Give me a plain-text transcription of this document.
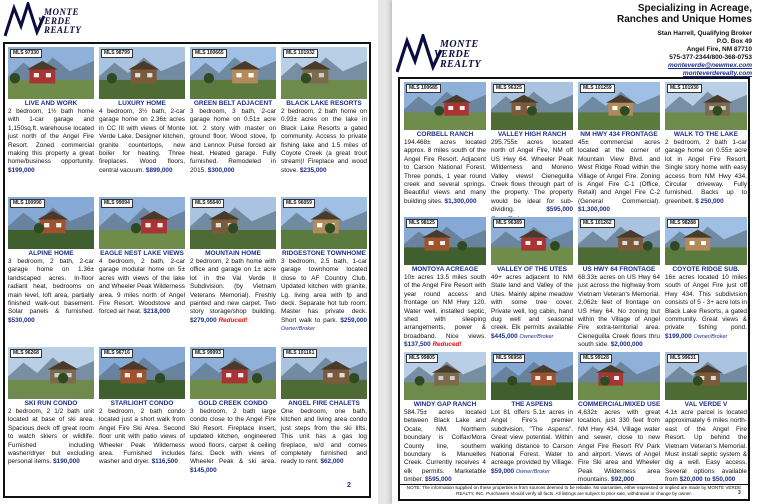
MONTE
VERDE
REALTY
MLS 97330
LIVE AND WORK
2 bedroom, 1½ bath home with 1-car garage and 1,150sq.ft. warehouse located just north of the Angel Fire Resort. Zoned commercial making this property a great home/business opportunity. $199,000
MLS 98799
LUXURY HOME
4 bedroom, 3½ bath, 2-car garage home on 2.36± acres in CC III with views of Monte Verde Lake. Designer kitchen, granite countertops, new boiler for heating. Three fireplaces. Wood floors, central vacuum. $899,000
MLS 100665
GREEN BELT ADJACENT
3 bedroom, 3 bath, 2-car garage home on 0.51± acre lot. 2 story with master on ground floor. Wood stove, fp and Lennox Pulse forced air heat. Heated garage. Fully furnished. Remodeled in 2015. $300,000
MLS 101932
BLACK LAKE RESORTS
2 bedroom, 2 bath home on 0.93± acres on the lake in Black Lake Resorts a gated community. Access to private fishing lake and 1.5 miles of Coyote Creek (a great trout stream)! Fireplace and wood stove. $235,000
MLS 100990
ALPINE HOME
3 bedroom, 2 bath, 2-car garage home on 1.36± landscaped acres. In-floor radiant heat, bedrooms on main level, loft area, partially finished walk-out basement. Solar panels & furnished. $530,000
MLS 99094
EAGLE NEST LAKE VIEWS
4 bedroom, 2 bath, 2-car garage modular home on 5± acres with views of the lake and Wheeler Peak Wilderness area. 9 miles north of Angel Fire Resort. Woodstove and forced air heat. $218,000
MLS 95640
MOUNTAIN HOME
2 bedroom, 2 bath home with office and garage on 1± acre lot in the Val Verde II Subdivision. (by Vietnam Veterans Memorial). Freshly painted and new carpet. Two story storage/shop building. $279,000 Reduced!
MLS 96059
RIDGESTONE TOWNHOME
3 bedroom, 2.5 bath, 1-car garage townhome located close to AF Country Club. Updated kitchen with granite, Lg. living area with fp and deck. Separate hot tub room. Master has private deck. Short walk to park. $259,000 Owner/Broker
MLS 96268
SKI RUN CONDO
2 bedroom, 2 1/2 bath unit located at base of ski area. Spacious deck off great room to watch skiers or wildlife. Furnished including washer/dryer but excluding personal items. $190,000
MLS 96716
STARLIGHT CONDO
2 bedroom, 2 bath condo located just a short walk from Angel Fire Ski Area. Second floor unit with patio views of Wheeler Peak Wilderness area. Furnished includes washer and dryer. $116,500
MLS 99993
GOLD CREEK CONDO
3 bedroom, 2 bath large condo close to the Angel Fire Ski Resort. Fireplace insert, updated kitchen, engineered wood floors, carpet & ceiling fans. Deck with views of Wheeler Peak & ski area. $145,000
MLS 101161
ANGEL FIRE CHALETS
One bedroom, one bath, kitchen and living area condo just steps from the ski lifts. This unit has a gas log fireplace, w/d and comes completely furnished and ready to rent. $62,000
2
Specializing in Acreage,
Ranches and Unique Homes
Stan Harrell, Qualifying Broker
P.O. Box 49
Angel Fire, NM 87710
575-377-2344/800-368-0753
monteverde@newmex.com
monteverderealty.com
MONTE
VERDE
REALTY
NOTE: The information supplied on these properties is from sources deemed to be reliable. No warranties, either expressed or implied are made by MONTE VERDE REALTY, INC. Purchasers should verify all facts. All listings are subject to prior sale, withdrawal or change by owner.
MLS 100685
CORBELL RANCH
194.468± acres located approx. 8 miles south of the Angel Fire Resort. Adjacent to Carson National Forest. Three ponds, 1 year round creek and several springs. Beautiful views and many building sites. $1,300,000
MLS 96325
VALLEY HIGH RANCH
295.755± acres located north of Angel Fire, NM off US Hwy 64. Wheeler Peak Wilderness and Moreno Valley views! Cieneguilla Creek flows through part of the property. The property would be ideal for sub-dividing.	$595,000
MLS 101259
NM HWY 434 FRONTAGE
45± commercial acres located at the corner of Mountain View Blvd. and West Ridge Road within the Village of Angel Fire. Zoning is Angel Fire C-1 (Office, Retail) and Angel Fire C-2 (General Commercial). $1,300,000
MLS 101930
WALK TO THE LAKE
2 bedroom, 2 bath 1-car garage home on 0.55± acre lot in Angel Fire Resort. Single story home with easy access from NM Hwy 434. Circular driveway. Fully furnished. Backs up to greenbelt. $ 250,000
MLS 98125
MONTOYA ACREAGE
10± acres 13.5 miles south of the Angel Fire Resort with year round access and frontage on NM Hwy 120. Water well, installed septic, shed with sleeping arrangements, power & broadband. Nice views. $137,500 Reduced!
MLS 96389
VALLEY OF THE UTES
49+ acres adjacent to NM State land and Valley of the Utes. Mainly alpine meadow with some tree cover. Private well, log cabin, hand dug well and seasonal creek. Elk permits available $445,000 Owner/Broker
MLS 101262
US HWY 64 FRONTAGE
68.33± acres on US Hwy 64 just across the highway from Vietnam Veteran's Memorial. 2,062± feet of frontage on US Hwy 64. No zoning but within the Village of Angel Fire extra-territorial area. Cieneguilla Creek flows thru south side. $2,000,000
MLS 98288
COYOTE RIDGE SUB.
16± acres located 10 miles south of Angel Fire just off Hwy 434. This subdivision consists of 5 - 3+ acre lots in Black Lake Resorts, a gated community. Great views & private fishing pond. $199,000 Owner/Broker
MLS 99805
WINDY GAP RANCH
584.75± acres located between Black Lake and Ocate, NM. Northern boundary is Colfax/Mora County line, southern boundary is Manuelles Creek. Currently receives 4 elk permits. Marketable timber. $595,000
MLS 96958
THE ASPENS
Lot 81 offers 5.1± acres in Angel Fire's premier subdivision, "The Aspens". Great view potential. Within walking distance to Carson National Forest. Water to acreage provided by Village. $59,000 Owner/Broker
MLS 99128
COMMERCIAL/MIXED USE
4,632± acres with great location, just 330 feet from NM Hwy 434. Village water and sewer, close to new Angel Fire Resort RV Park and airport. Views of Angel Fire Ski area and Wheeler Peak Wilderness area mountains. $92,000
MLS 99631
VAL VERDE V
4.1± acre parcel is located approximately 6 miles north-east of the Angel Fire Resort. Up behind the Vietnam Veteran's Memorial. Must install septic system & dig a well. Easy access. Several options available from $20,000 to $50,000
3
